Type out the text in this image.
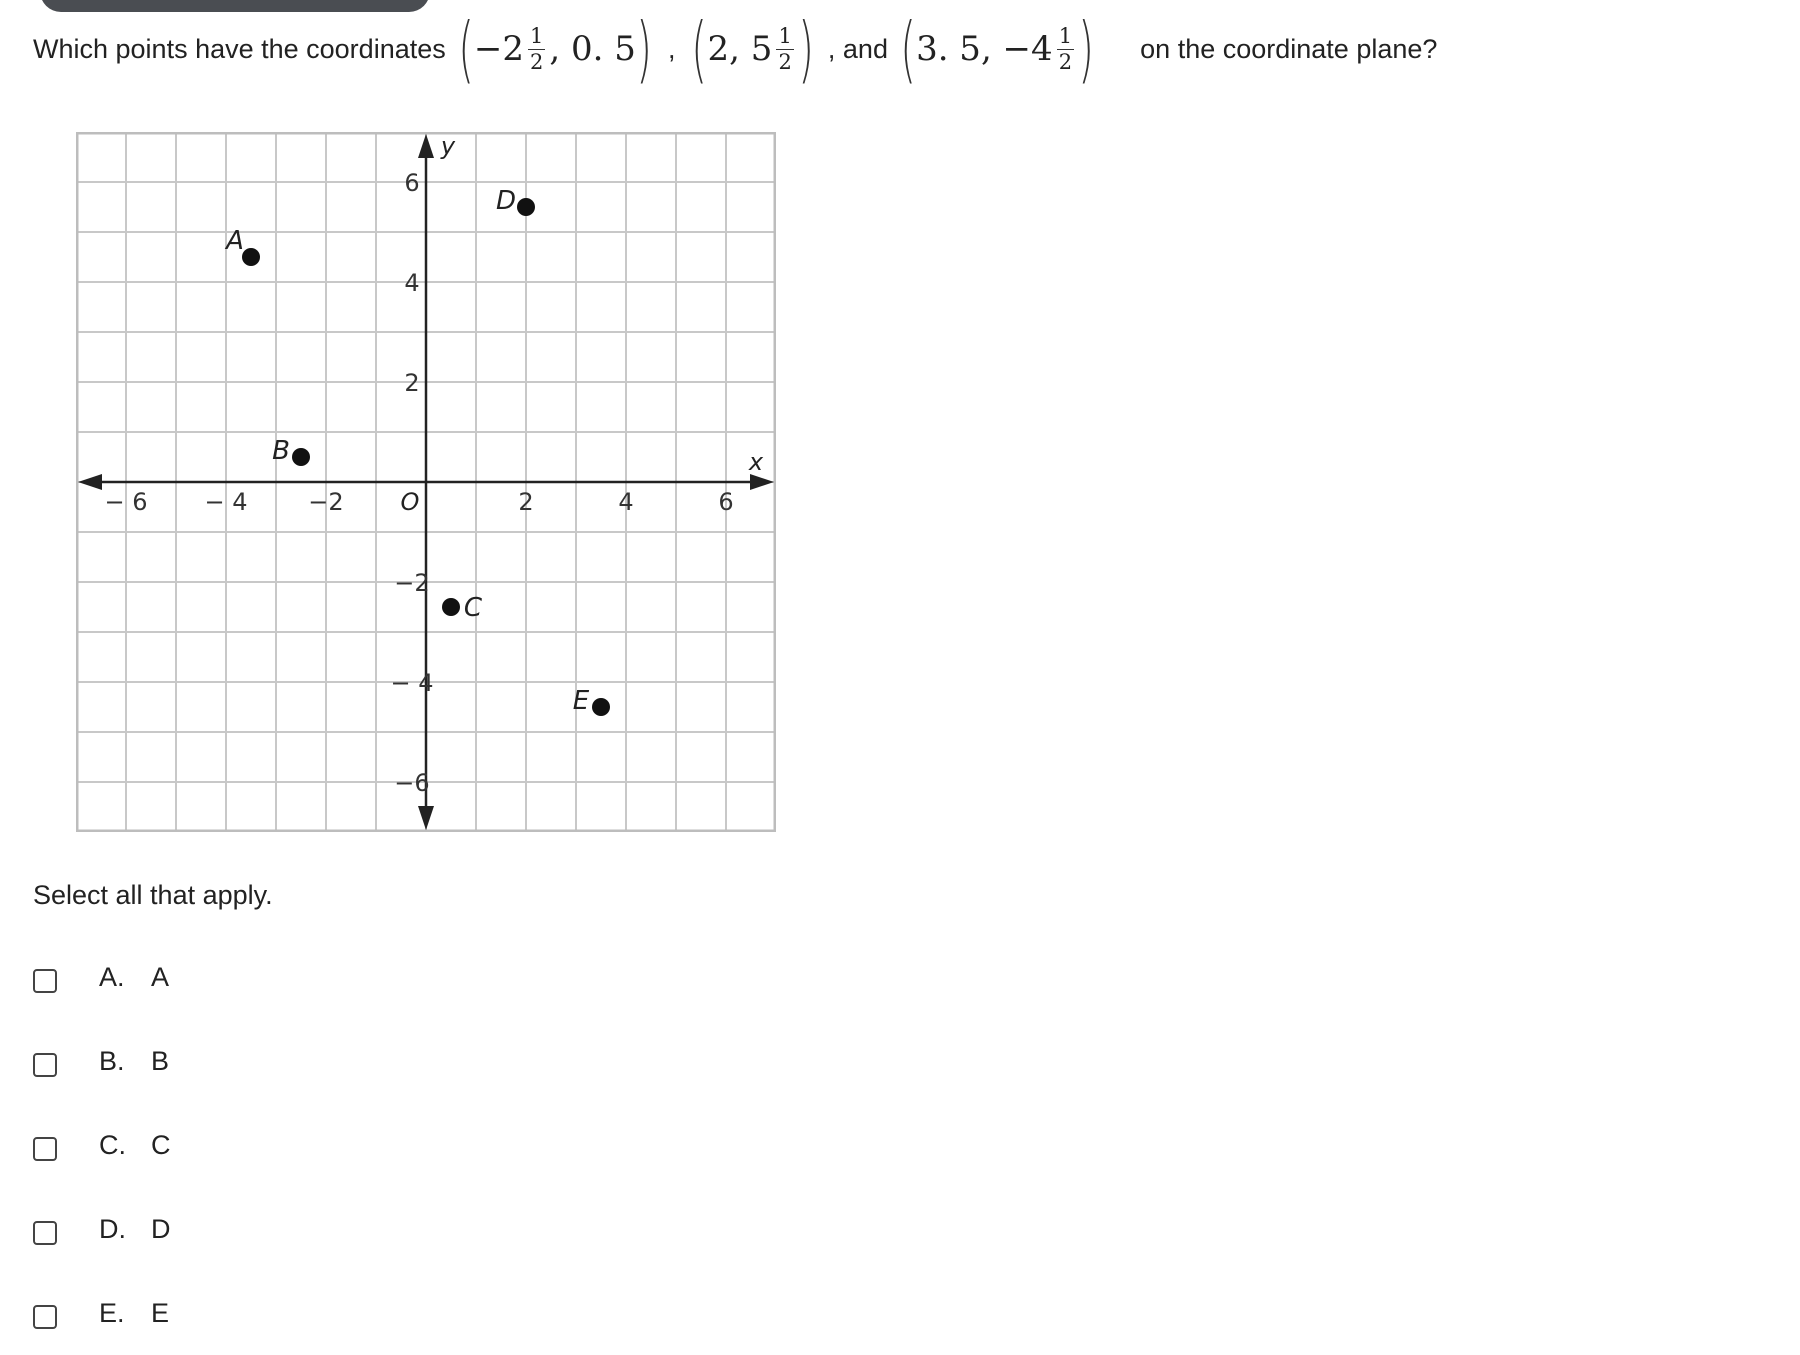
Which points have the coordinates ( $-2 \frac{1}{2}$ , 0. 5 ) , ( 2, $5 \frac{1}{2}$ ) , and ( 3. 5, $-4 \frac{1}{2}$ ) on the coordinate plane?
x
y
O
− 6 − 4	−2	2	4	6
6
4
2
−2
− 4
−6
A
B
C
D
E
Select all that apply.
A. A
B. B
C. C
D. D
E. E
